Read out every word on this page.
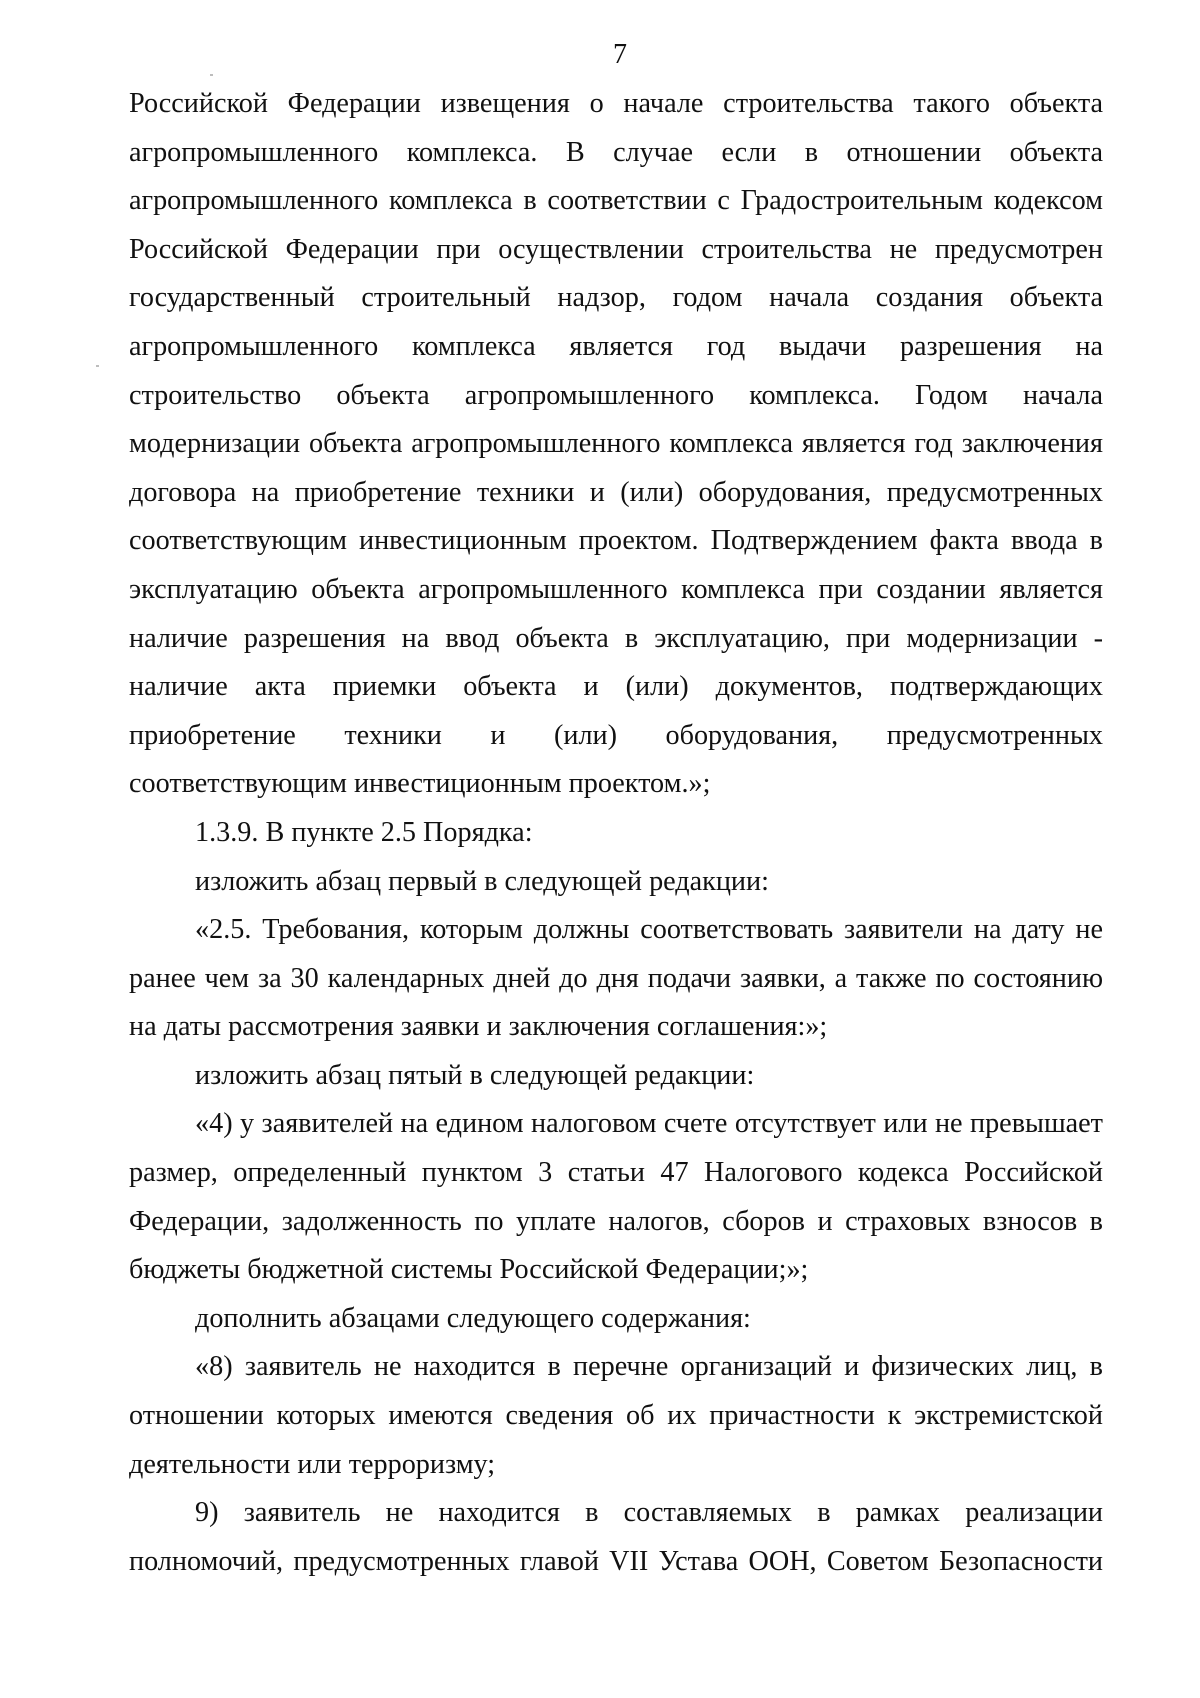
7

Российской Федерации извещения о начале строительства такого объекта агропромышленного комплекса. В случае если в отношении объекта агропромышленного комплекса в соответствии с Градостроительным кодексом Российской Федерации при осуществлении строительства не предусмотрен государственный строительный надзор, годом начала создания объекта агропромышленного комплекса является год выдачи разрешения на строительство объекта агропромышленного комплекса. Годом начала модернизации объекта агропромышленного комплекса является год заключения договора на приобретение техники и (или) оборудования, предусмотренных соответствующим инвестиционным проектом. Подтверждением факта ввода в эксплуатацию объекта агропромышленного комплекса при создании является наличие разрешения на ввод объекта в эксплуатацию, при модернизации - наличие акта приемки объекта и (или) документов, подтверждающих приобретение техники и (или) оборудования, предусмотренных соответствующим инвестиционным проектом.»;

1.3.9. В пункте 2.5 Порядка:

изложить абзац первый в следующей редакции:

«2.5. Требования, которым должны соответствовать заявители на дату не ранее чем за 30 календарных дней до дня подачи заявки, а также по состоянию на даты рассмотрения заявки и заключения соглашения:»;

изложить абзац пятый в следующей редакции:

«4) у заявителей на едином налоговом счете отсутствует или не превышает размер, определенный пунктом 3 статьи 47 Налогового кодекса Российской Федерации, задолженность по уплате налогов, сборов и страховых взносов в бюджеты бюджетной системы Российской Федерации;»;

дополнить абзацами следующего содержания:

«8) заявитель не находится в перечне организаций и физических лиц, в отношении которых имеются сведения об их причастности к экстремистской деятельности или терроризму;

9) заявитель не находится в составляемых в рамках реализации полномочий, предусмотренных главой VII Устава ООН, Советом Безопасности
